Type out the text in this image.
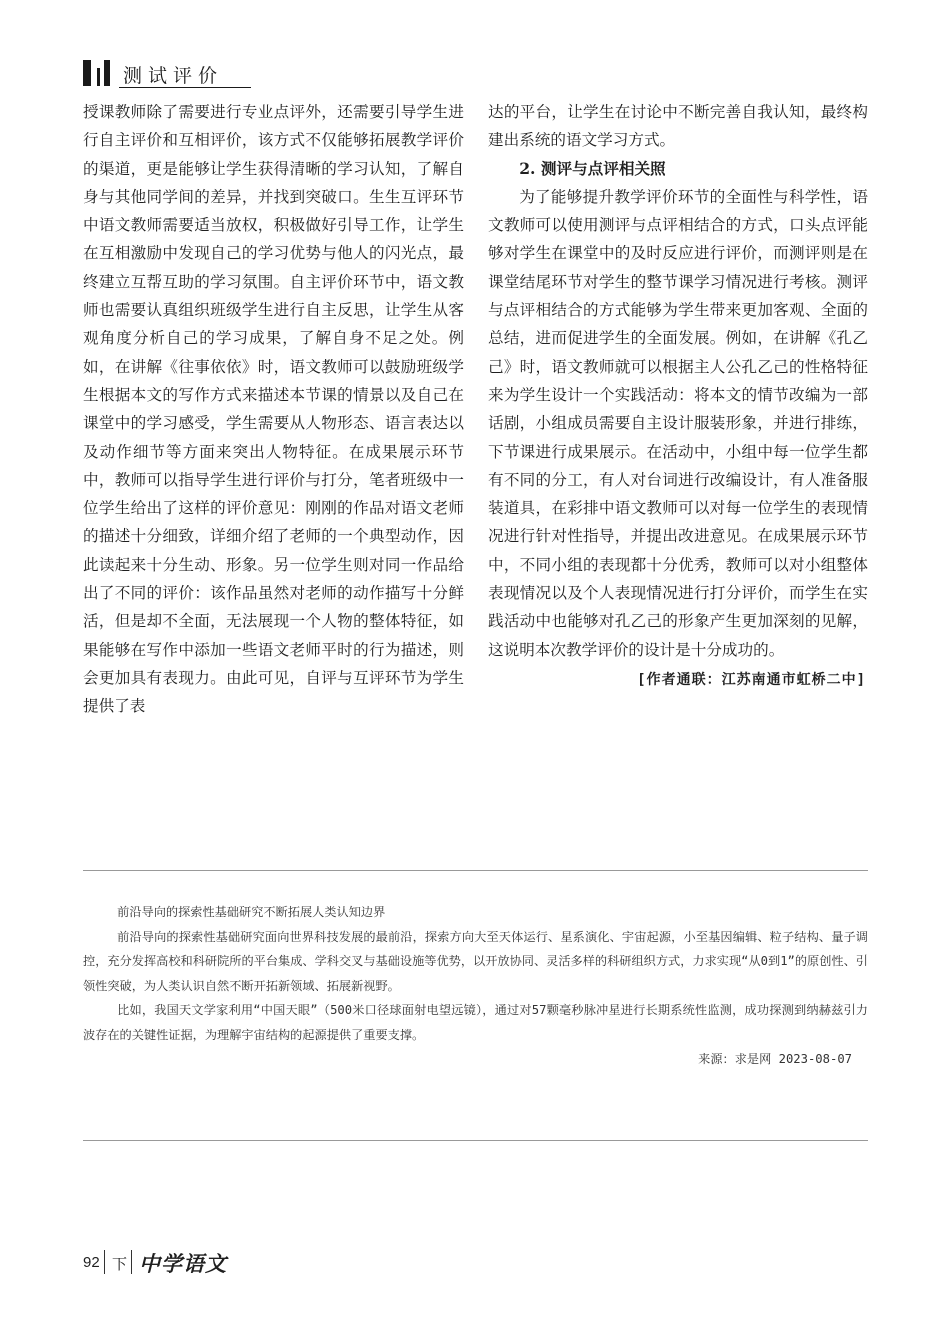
测试评价

授课教师除了需要进行专业点评外，还需要引导学生进行自主评价和互相评价，该方式不仅能够拓展教学评价的渠道，更是能够让学生获得清晰的学习认知，了解自身与其他同学间的差异，并找到突破口。生生互评环节中语文教师需要适当放权，积极做好引导工作，让学生在互相激励中发现自己的学习优势与他人的闪光点，最终建立互帮互助的学习氛围。自主评价环节中，语文教师也需要认真组织班级学生进行自主反思，让学生从客观角度分析自己的学习成果，了解自身不足之处。例如，在讲解《往事依依》时，语文教师可以鼓励班级学生根据本文的写作方式来描述本节课的情景以及自己在课堂中的学习感受，学生需要从人物形态、语言表达以及动作细节等方面来突出人物特征。在成果展示环节中，教师可以指导学生进行评价与打分，笔者班级中一位学生给出了这样的评价意见：刚刚的作品对语文老师的描述十分细致，详细介绍了老师的一个典型动作，因此读起来十分生动、形象。另一位学生则对同一作品给出了不同的评价：该作品虽然对老师的动作描写十分鲜活，但是却不全面，无法展现一个人物的整体特征，如果能够在写作中添加一些语文老师平时的行为描述，则会更加具有表现力。由此可见，自评与互评环节为学生提供了表

达的平台，让学生在讨论中不断完善自我认知，最终构建出系统的语文学习方式。

2. 测评与点评相关照

为了能够提升教学评价环节的全面性与科学性，语文教师可以使用测评与点评相结合的方式，口头点评能够对学生在课堂中的及时反应进行评价，而测评则是在课堂结尾环节对学生的整节课学习情况进行考核。测评与点评相结合的方式能够为学生带来更加客观、全面的总结，进而促进学生的全面发展。例如，在讲解《孔乙己》时，语文教师就可以根据主人公孔乙己的性格特征来为学生设计一个实践活动：将本文的情节改编为一部话剧，小组成员需要自主设计服装形象，并进行排练，下节课进行成果展示。在活动中，小组中每一位学生都有不同的分工，有人对台词进行改编设计，有人准备服装道具，在彩排中语文教师可以对每一位学生的表现情况进行针对性指导，并提出改进意见。在成果展示环节中，不同小组的表现都十分优秀，教师可以对小组整体表现情况以及个人表现情况进行打分评价，而学生在实践活动中也能够对孔乙己的形象产生更加深刻的见解，这说明本次教学评价的设计是十分成功的。

[作者通联：江苏南通市虹桥二中]

前沿导向的探索性基础研究不断拓展人类认知边界

前沿导向的探索性基础研究面向世界科技发展的最前沿，探索方向大至天体运行、星系演化、宇宙起源，小至基因编辑、粒子结构、量子调控，充分发挥高校和科研院所的平台集成、学科交叉与基础设施等优势，以开放协同、灵活多样的科研组织方式，力求实现“从0到1”的原创性、引领性突破，为人类认识自然不断开拓新领域、拓展新视野。

比如，我国天文学家利用“中国天眼”（500米口径球面射电望远镜），通过对57颗毫秒脉冲星进行长期系统性监测，成功探测到纳赫兹引力波存在的关键性证据，为理解宇宙结构的起源提供了重要支撑。

来源：求是网 2023-08-07

92 下 中学语文
